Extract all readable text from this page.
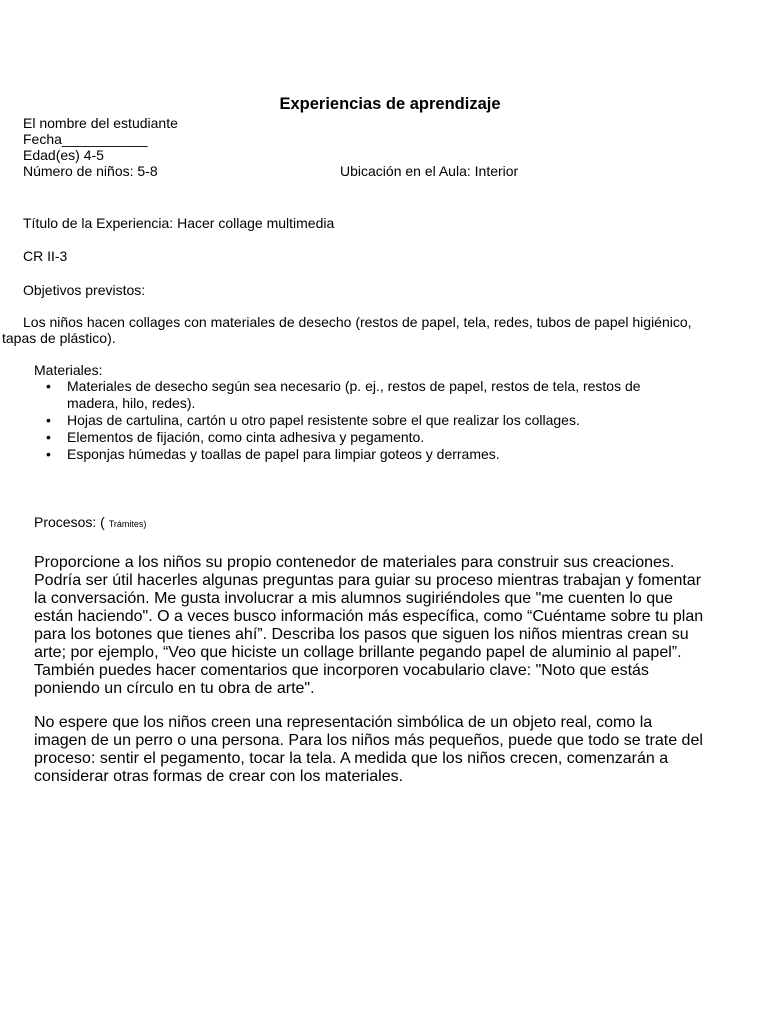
Experiencias de aprendizaje
El nombre del estudiante
Fecha___________
Edad(es) 4-5
Número de niños: 5-8	Ubicación en el Aula: Interior
Título de la Experiencia: Hacer collage multimedia
CR II-3
Objetivos previstos:
Los niños hacen collages con materiales de desecho (restos de papel, tela, redes, tubos de papel higiénico,
tapas de plástico).
Materiales:
• Materiales de desecho según sea necesario (p. ej., restos de papel, restos de tela, restos de madera, hilo, redes).
• Hojas de cartulina, cartón u otro papel resistente sobre el que realizar los collages.
• Elementos de fijación, como cinta adhesiva y pegamento.
• Esponjas húmedas y toallas de papel para limpiar goteos y derrames.
Procesos: ( Trámites)

Proporcione a los niños su propio contenedor de materiales para construir sus creaciones. Podría ser útil hacerles algunas preguntas para guiar su proceso mientras trabajan y fomentar la conversación. Me gusta involucrar a mis alumnos sugiriéndoles que "me cuenten lo que están haciendo". O a veces busco información más específica, como “Cuéntame sobre tu plan para los botones que tienes ahí”. Describa los pasos que siguen los niños mientras crean su arte; por ejemplo, “Veo que hiciste un collage brillante pegando papel de aluminio al papel”. También puedes hacer comentarios que incorporen vocabulario clave: "Noto que estás poniendo un círculo en tu obra de arte".

No espere que los niños creen una representación simbólica de un objeto real, como la imagen de un perro o una persona. Para los niños más pequeños, puede que todo se trate del proceso: sentir el pegamento, tocar la tela. A medida que los niños crecen, comenzarán a considerar otras formas de crear con los materiales.
